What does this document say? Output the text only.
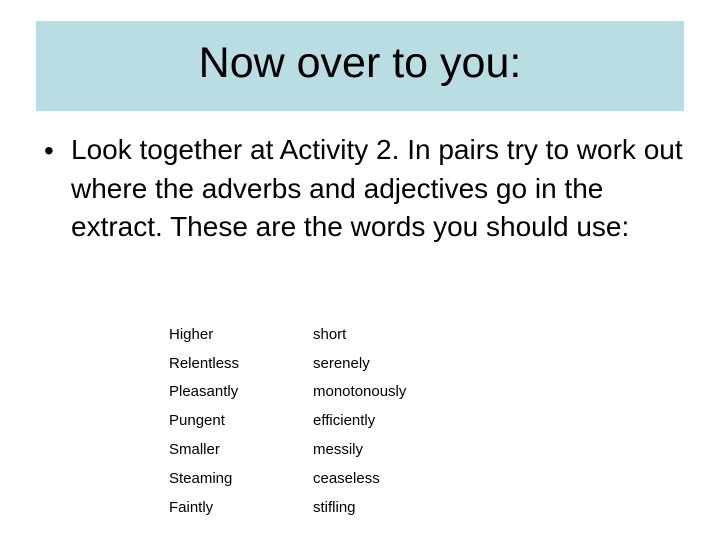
Now over to you:
• Look together at Activity 2. In pairs try to work out where the adverbs and adjectives go in the extract. These are the words you should use:
Higher	short
Relentless	serenely
Pleasantly	monotonously
Pungent	efficiently
Smaller	messily
Steaming	ceaseless
Faintly	stifling
